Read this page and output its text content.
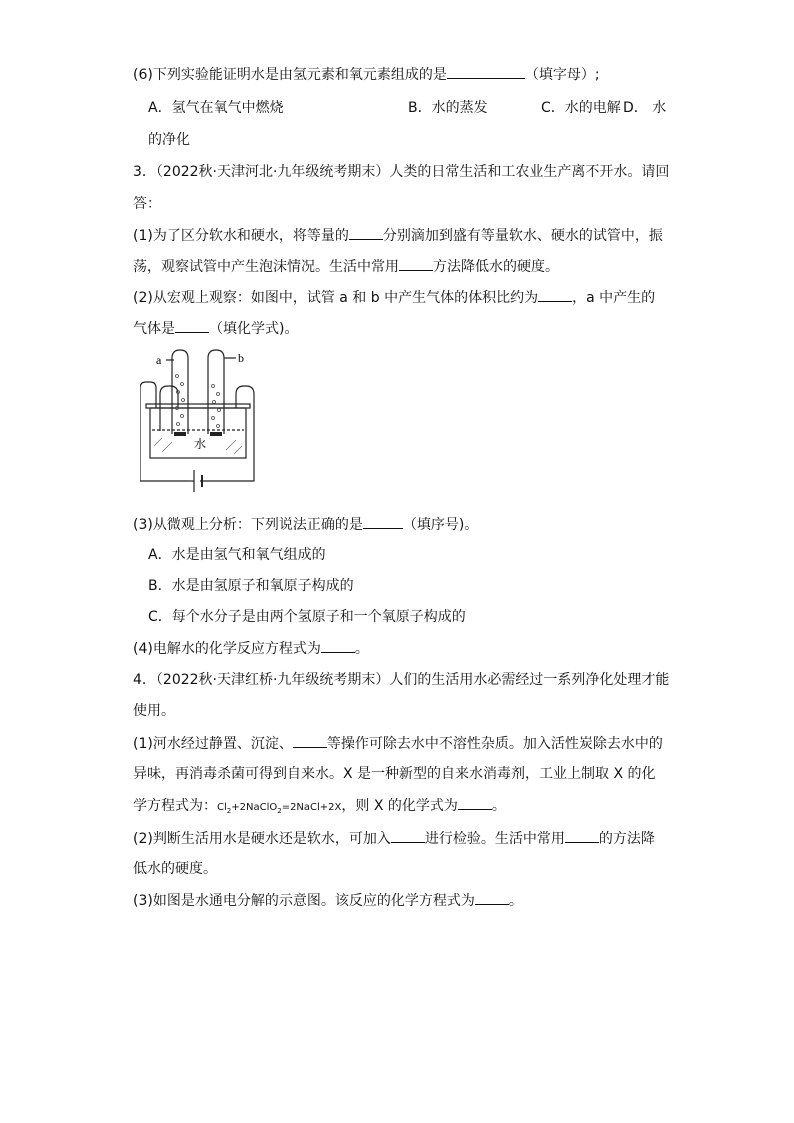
(6)下列实验能证明水是由氢元素和氧元素组成的是	（填字母）;
A．氢气在氧气中燃烧	B．水的蒸发	C．水的电解 D． 水
的净化
3．（2022秋·天津河北·九年级统考期末）人类的日常生活和工农业生产离不开水。请回
答：
(1)为了区分软水和硬水，将等量的 分别滴加到盛有等量软水、硬水的试管中，振
荡，观察试管中产生泡沫情况。生活中常用 方法降低水的硬度。
(2)从宏观上观察：如图中，试管 a 和 b 中产生气体的体积比约为 ，a 中产生的
气体是 （填化学式)。
a	b
水
(3)从微观上分析：下列说法正确的是	（填序号)。
A．水是由氢气和氧气组成的
B．水是由氢原子和氧原子构成的
C．每个水分子是由两个氢原子和一个氧原子构成的
(4)电解水的化学反应方程式为 。
4．（2022秋·天津红桥·九年级统考期末）人们的生活用水必需经过一系列净化处理才能
使用。
(1)河水经过静置、沉淀、 等操作可除去水中不溶性杂质。加入活性炭除去水中的
异味，再消毒杀菌可得到自来水。X 是一种新型的自来水消毒剂，工业上制取 X 的化
学方程式为：$Cl_2+2NaClO_2=2NaCl+2X$，则 X 的化学式为 。
(2)判断生活用水是硬水还是软水，可加入 进行检验。生活中常用 的方法降
低水的硬度。
(3)如图是水通电分解的示意图。该反应的化学方程式为 。
